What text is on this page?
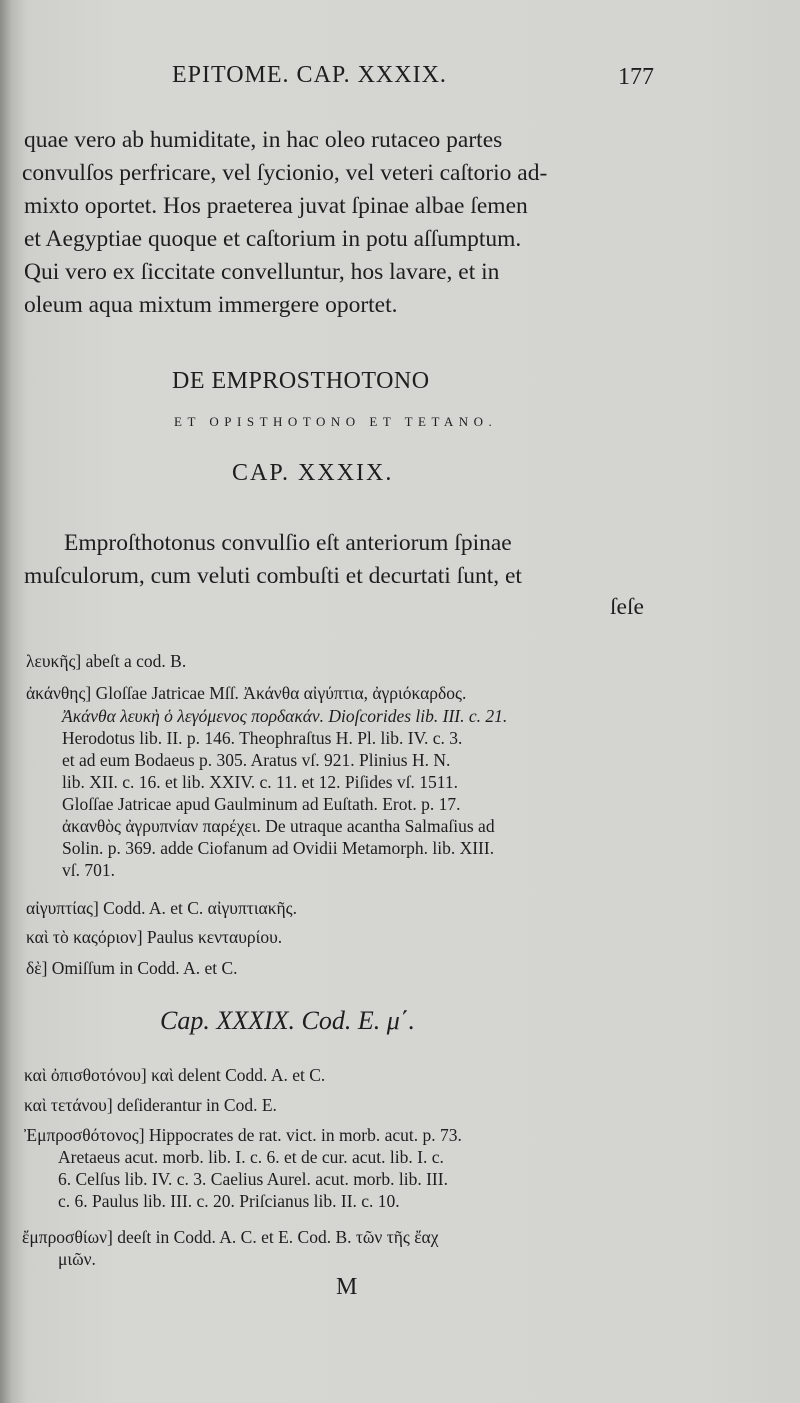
EPITOME. CAP. XXXIX.	177
quae vero ab humiditate, in hac oleo rutaceo partes
convulſos perfricare, vel ſycionio, vel veteri caſtorio ad-
mixto oportet. Hos praeterea juvat ſpinae albae ſemen
et Aegyptiae quoque et caſtorium in potu aſſumptum.
Qui vero ex ſiccitate convelluntur, hos lavare, et in
oleum aqua mixtum immergere oportet.
DE EMPROSTHOTONO
ET OPISTHOTONO ET TETANO.
CAP. XXXIX.
Emproſthotonus convulſio eſt anteriorum ſpinae
muſculorum, cum veluti combuſti et decurtati ſunt, et
ſeſe
λευκῆς] abeſt a cod. B.
ἀκάνθης] Gloſſae Jatricae Mſſ. Ἀκάνθα αἰγύπτια, ἀγριόκαρδος.
Ἀκάνθα λευκὴ ὁ λεγόμενος πορδακάν. Dioſcorides lib. III. c. 21.
Herodotus lib. II. p. 146. Theophraſtus H. Pl. lib. IV. c. 3.
et ad eum Bodaeus p. 305. Aratus vſ. 921. Plinius H. N.
lib. XII. c. 16. et lib. XXIV. c. 11. et 12. Piſides vſ. 1511.
Gloſſae Jatricae apud Gaulminum ad Euſtath. Erot. p. 17.
ἀκανθὸς ἀγρυπνίαν παρέχει. De utraque acantha Salmaſius ad
Solin. p. 369. adde Ciofanum ad Ovidii Metamorph. lib. XIII.
vſ. 701.
αἰγυπτίας] Codd. A. et C. αἰγυπτιακῆς.
καὶ τὸ καςόριον] Paulus κενταυρίου.
δὲ] Omiſſum in Codd. A. et C.
Cap. XXXIX. Cod. E. μ΄.
καὶ ὀπισθοτόνου] καὶ delent Codd. A. et C.
καὶ τετάνου] deſiderantur in Cod. E.
Ἐμπροσθότονος] Hippocrates de rat. vict. in morb. acut. p. 73.
Aretaeus acut. morb. lib. I. c. 6. et de cur. acut. lib. I. c.
6. Celſus lib. IV. c. 3. Caelius Aurel. acut. morb. lib. III.
c. 6. Paulus lib. III. c. 20. Priſcianus lib. II. c. 10.
ἔμπροσθίων] deeſt in Codd. A. C. et E. Cod. B. τῶν τῆς ἔαχ
μιῶν.
M
